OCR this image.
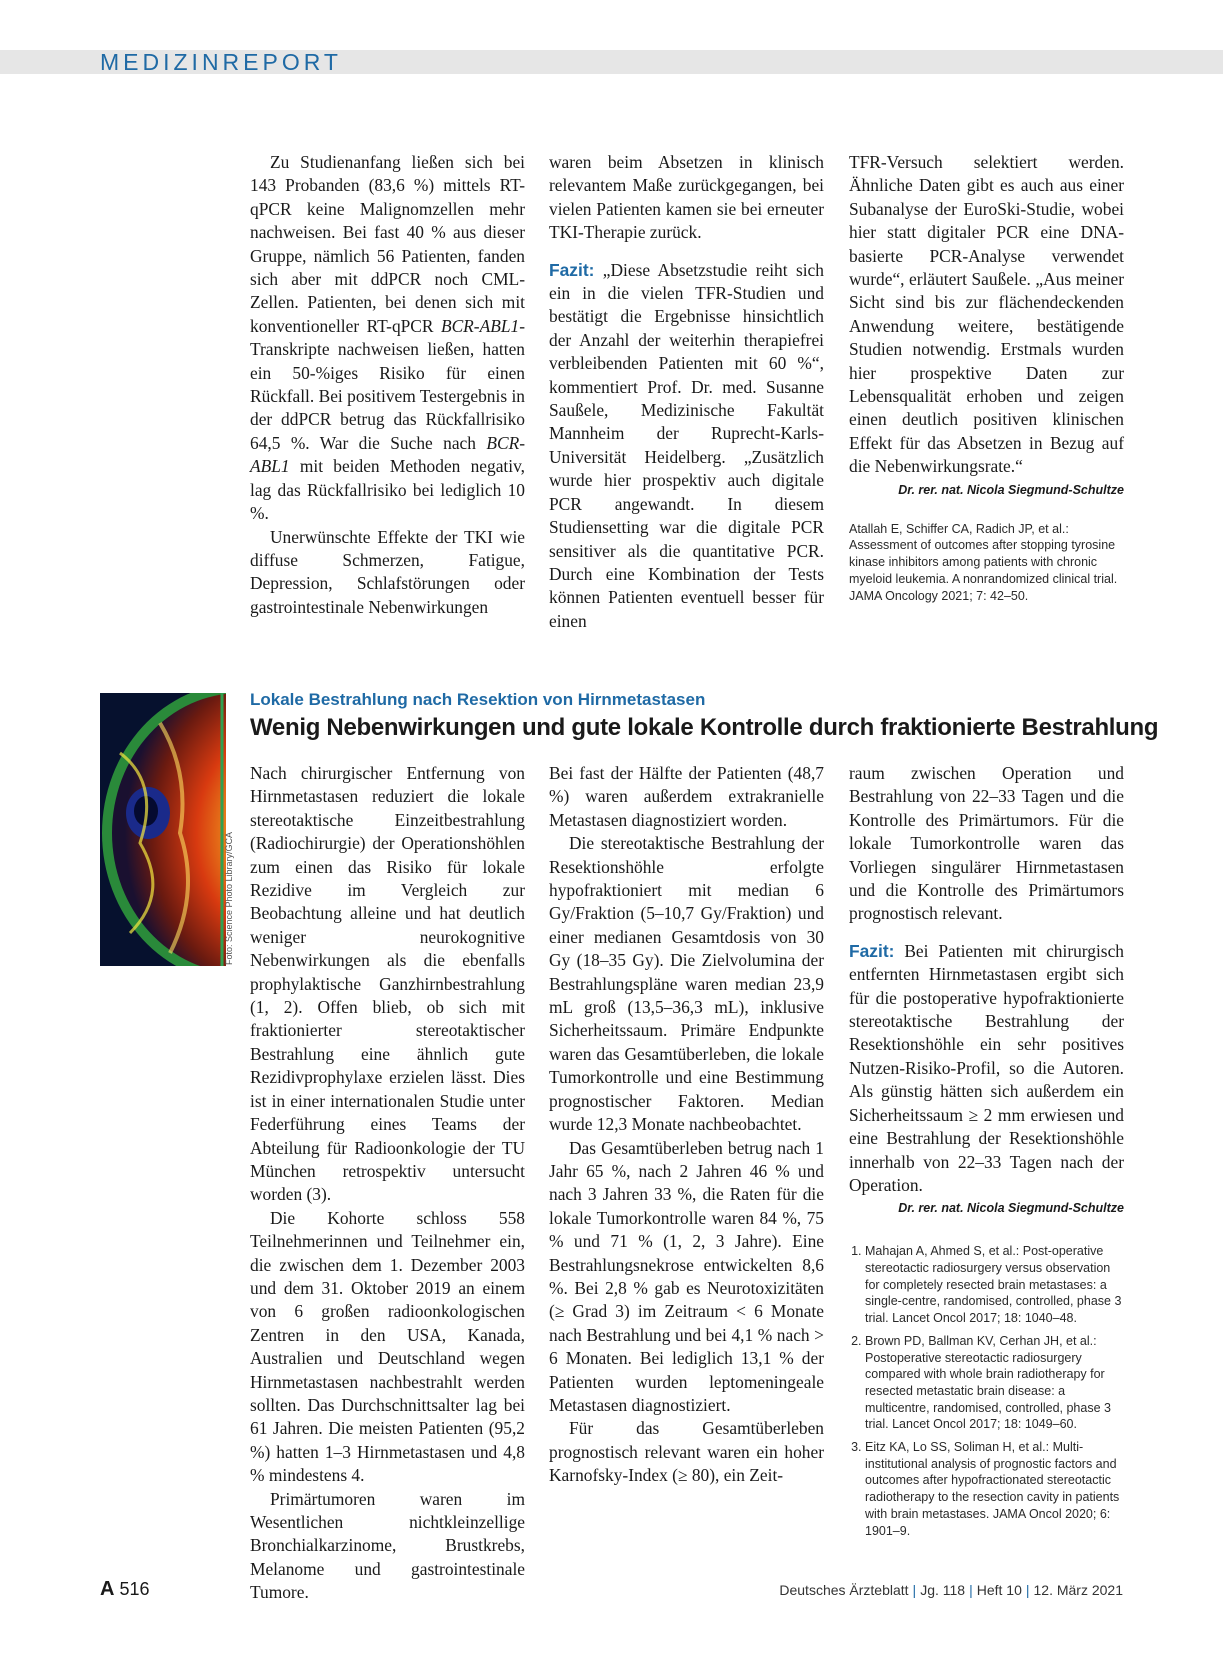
MEDIZINREPORT

Zu Studienanfang ließen sich bei 143 Probanden (83,6 %) mittels RT-qPCR keine Malignomzellen mehr nachweisen. Bei fast 40 % aus dieser Gruppe, nämlich 56 Patienten, fanden sich aber mit ddPCR noch CML-Zellen. Patienten, bei denen sich mit konventioneller RT-qPCR BCR-ABL1-Transkripte nachweisen ließen, hatten ein 50-%iges Risiko für einen Rückfall. Bei positivem Testergebnis in der ddPCR betrug das Rückfallrisiko 64,5 %. War die Suche nach BCR-ABL1 mit beiden Methoden negativ, lag das Rückfallrisiko bei lediglich 10 %.

Unerwünschte Effekte der TKI wie diffuse Schmerzen, Fatigue, Depression, Schlafstörungen oder gastrointestinale Nebenwirkungen

waren beim Absetzen in klinisch relevantem Maße zurückgegangen, bei vielen Patienten kamen sie bei erneuter TKI-Therapie zurück.

Fazit: „Diese Absetzstudie reiht sich ein in die vielen TFR-Studien und bestätigt die Ergebnisse hinsichtlich der Anzahl der weiterhin therapiefrei verbleibenden Patienten mit 60 %“, kommentiert Prof. Dr. med. Susanne Saußele, Medizinische Fakultät Mannheim der Ruprecht-Karls-Universität Heidelberg. „Zusätzlich wurde hier prospektiv auch digitale PCR angewandt. In diesem Studiensetting war die digitale PCR sensitiver als die quantitative PCR. Durch eine Kombination der Tests können Patienten eventuell besser für einen

TFR-Versuch selektiert werden. Ähnliche Daten gibt es auch aus einer Subanalyse der EuroSki-Studie, wobei hier statt digitaler PCR eine DNA-basierte PCR-Analyse verwendet wurde“, erläutert Saußele. „Aus meiner Sicht sind bis zur flächendeckenden Anwendung weitere, bestätigende Studien notwendig. Erstmals wurden hier prospektive Daten zur Lebensqualität erhoben und zeigen einen deutlich positiven klinischen Effekt für das Absetzen in Bezug auf die Nebenwirkungsrate.“

Dr. rer. nat. Nicola Siegmund-Schultze
Atallah E, Schiffer CA, Radich JP, et al.: Assessment of outcomes after stopping tyrosine kinase inhibitors among patients with chronic myeloid leukemia. A nonrandomized clinical trial. JAMA Oncology 2021; 7: 42–50.
Foto: Science Photo Library/GCA
Lokale Bestrahlung nach Resektion von Hirnmetastasen
Wenig Nebenwirkungen und gute lokale Kontrolle durch fraktionierte Bestrahlung

Nach chirurgischer Entfernung von Hirnmetastasen reduziert die lokale stereotaktische Einzeitbestrahlung (Radiochirurgie) der Operationshöhlen zum einen das Risiko für lokale Rezidive im Vergleich zur Beobachtung alleine und hat deutlich weniger neurokognitive Nebenwirkungen als die ebenfalls prophylaktische Ganzhirnbestrahlung (1, 2). Offen blieb, ob sich mit fraktionierter stereotaktischer Bestrahlung eine ähnlich gute Rezidivprophylaxe erzielen lässt. Dies ist in einer internationalen Studie unter Federführung eines Teams der Abteilung für Radioonkologie der TU München retrospektiv untersucht worden (3).

Die Kohorte schloss 558 Teilnehmerinnen und Teilnehmer ein, die zwischen dem 1. Dezember 2003 und dem 31. Oktober 2019 an einem von 6 großen radioonkologischen Zentren in den USA, Kanada, Australien und Deutschland wegen Hirnmetastasen nachbestrahlt werden sollten. Das Durchschnittsalter lag bei 61 Jahren. Die meisten Patienten (95,2 %) hatten 1–3 Hirnmetastasen und 4,8 % mindestens 4.

Primärtumoren waren im Wesentlichen nichtkleinzellige Bronchialkarzinome, Brustkrebs, Melanome und gastrointestinale Tumore.

Bei fast der Hälfte der Patienten (48,7 %) waren außerdem extrakranielle Metastasen diagnostiziert worden.

Die stereotaktische Bestrahlung der Resektionshöhle erfolgte hypofraktioniert mit median 6 Gy/Fraktion (5–10,7 Gy/Fraktion) und einer medianen Gesamtdosis von 30 Gy (18–35 Gy). Die Zielvolumina der Bestrahlungspläne waren median 23,9 mL groß (13,5–36,3 mL), inklusive Sicherheitssaum. Primäre Endpunkte waren das Gesamtüberleben, die lokale Tumorkontrolle und eine Bestimmung prognostischer Faktoren. Median wurde 12,3 Monate nachbeobachtet.

Das Gesamtüberleben betrug nach 1 Jahr 65 %, nach 2 Jahren 46 % und nach 3 Jahren 33 %, die Raten für die lokale Tumorkontrolle waren 84 %, 75 % und 71 % (1, 2, 3 Jahre). Eine Bestrahlungsnekrose entwickelten 8,6 %. Bei 2,8 % gab es Neurotoxizitäten (≥ Grad 3) im Zeitraum < 6 Monate nach Bestrahlung und bei 4,1 % nach > 6 Monaten. Bei lediglich 13,1 % der Patienten wurden leptomeningeale Metastasen diagnostiziert.

Für das Gesamtüberleben prognostisch relevant waren ein hoher Karnofsky-Index (≥ 80), ein Zeit-

raum zwischen Operation und Bestrahlung von 22–33 Tagen und die Kontrolle des Primärtumors. Für die lokale Tumorkontrolle waren das Vorliegen singulärer Hirnmetastasen und die Kontrolle des Primärtumors prognostisch relevant.

Fazit: Bei Patienten mit chirurgisch entfernten Hirnmetastasen ergibt sich für die postoperative hypofraktionierte stereotaktische Bestrahlung der Resektionshöhle ein sehr positives Nutzen-Risiko-Profil, so die Autoren. Als günstig hätten sich außerdem ein Sicherheitssaum ≥ 2 mm erwiesen und eine Bestrahlung der Resektionshöhle innerhalb von 22–33 Tagen nach der Operation.

Dr. rer. nat. Nicola Siegmund-Schultze
1. Mahajan A, Ahmed S, et al.: Post-operative stereotactic radiosurgery versus observation for completely resected brain metastases: a single-centre, randomised, controlled, phase 3 trial. Lancet Oncol 2017; 18: 1040–48.
2. Brown PD, Ballman KV, Cerhan JH, et al.: Postoperative stereotactic radiosurgery compared with whole brain radiotherapy for resected metastatic brain disease: a multicentre, randomised, controlled, phase 3 trial. Lancet Oncol 2017; 18: 1049–60.
3. Eitz KA, Lo SS, Soliman H, et al.: Multi-institutional analysis of prognostic factors and outcomes after hypofractionated stereotactic radiotherapy to the resection cavity in patients with brain metastases. JAMA Oncol 2020; 6: 1901–9.
A 516	Deutsches Ärzteblatt | Jg. 118 | Heft 10 | 12. März 2021
